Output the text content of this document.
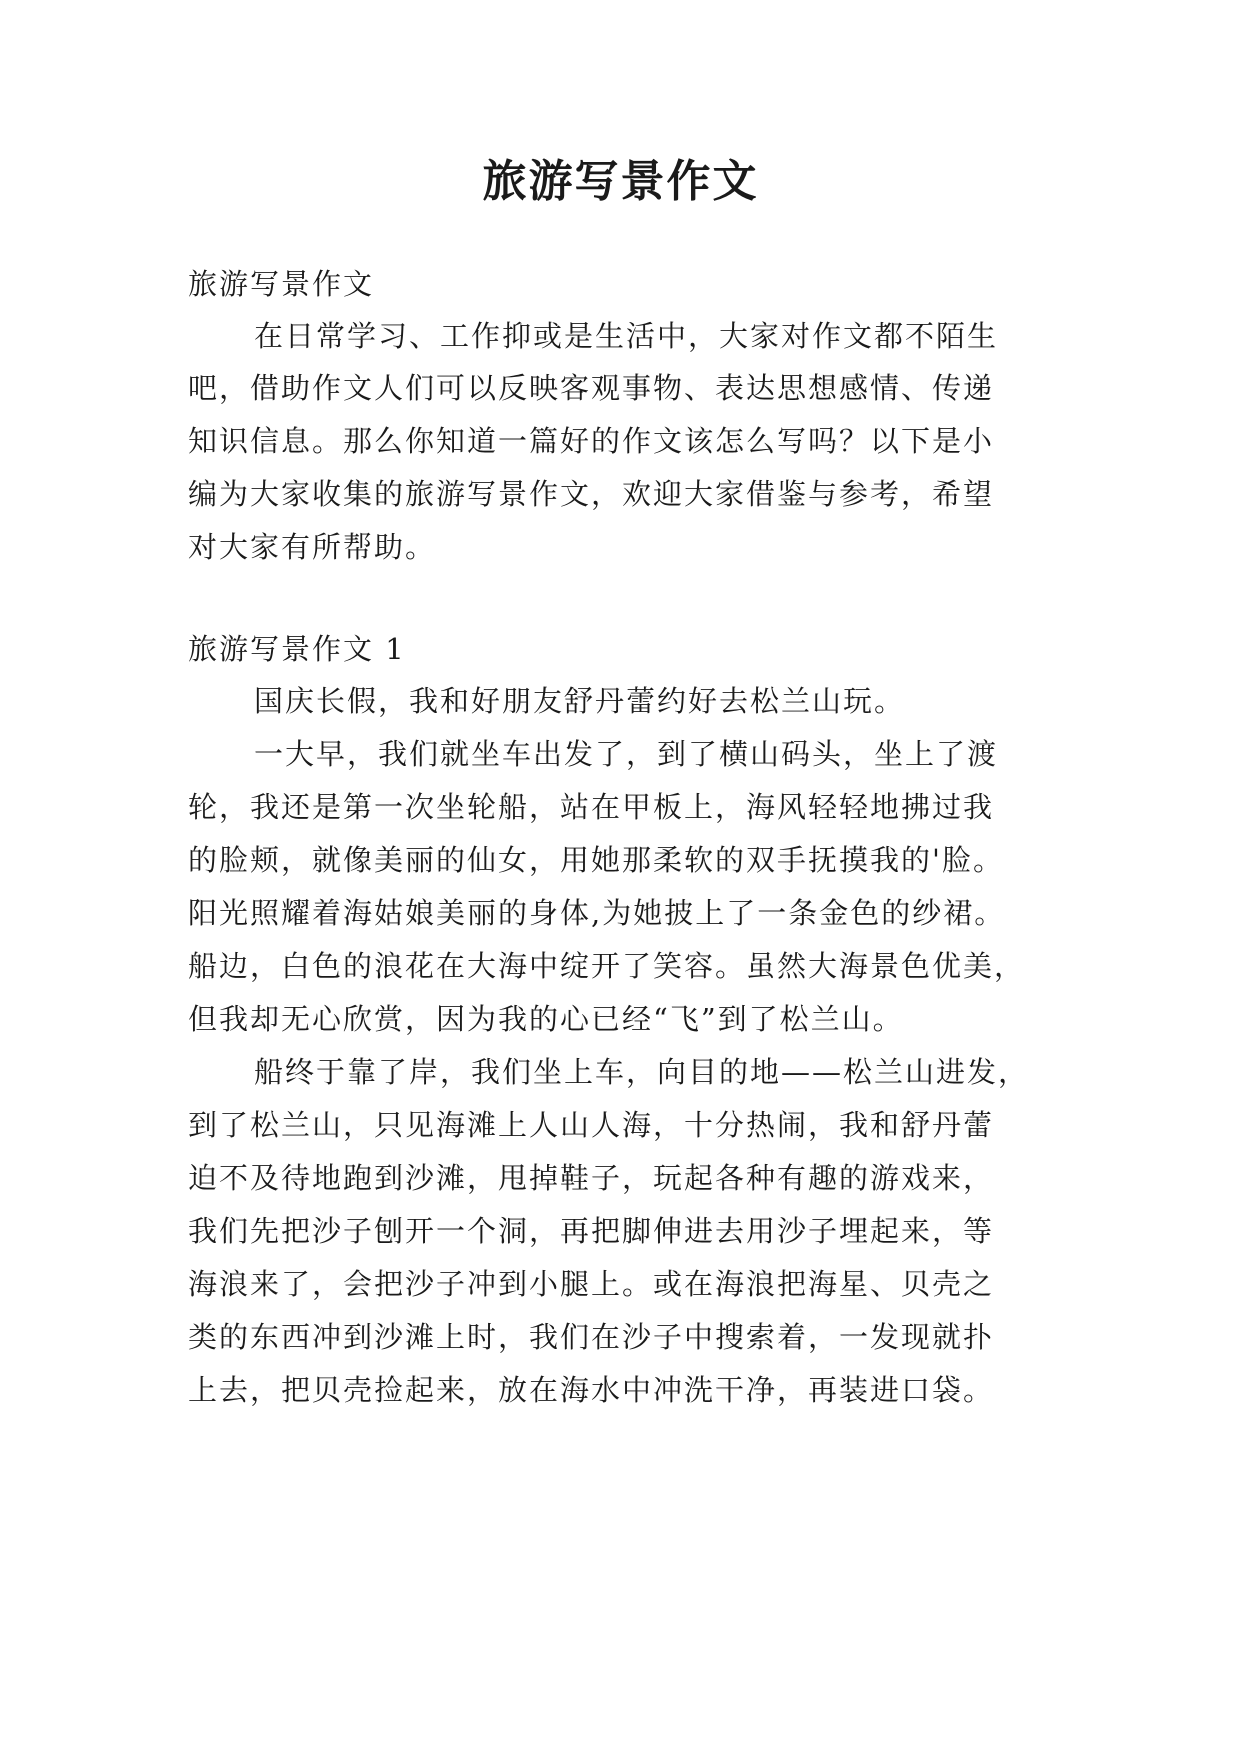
旅游写景作文
旅游写景作文
在日常学习、工作抑或是生活中，大家对作文都不陌生
吧，借助作文人们可以反映客观事物、表达思想感情、传递
知识信息。那么你知道一篇好的作文该怎么写吗？以下是小
编为大家收集的旅游写景作文，欢迎大家借鉴与参考，希望
对大家有所帮助。
旅游写景作文 1
国庆长假，我和好朋友舒丹蕾约好去松兰山玩。
一大早，我们就坐车出发了，到了横山码头，坐上了渡
轮，我还是第一次坐轮船，站在甲板上，海风轻轻地拂过我
的脸颊，就像美丽的仙女，用她那柔软的双手抚摸我的'脸。
阳光照耀着海姑娘美丽的身体,为她披上了一条金色的纱裙。
船边，白色的浪花在大海中绽开了笑容。虽然大海景色优美，
但我却无心欣赏，因为我的心已经“飞”到了松兰山。
船终于靠了岸，我们坐上车，向目的地——松兰山进发，
到了松兰山，只见海滩上人山人海，十分热闹，我和舒丹蕾
迫不及待地跑到沙滩，甩掉鞋子，玩起各种有趣的游戏来，
我们先把沙子刨开一个洞，再把脚伸进去用沙子埋起来，等
海浪来了，会把沙子冲到小腿上。或在海浪把海星、贝壳之
类的东西冲到沙滩上时，我们在沙子中搜索着，一发现就扑
上去，把贝壳捡起来，放在海水中冲洗干净，再装进口袋。
